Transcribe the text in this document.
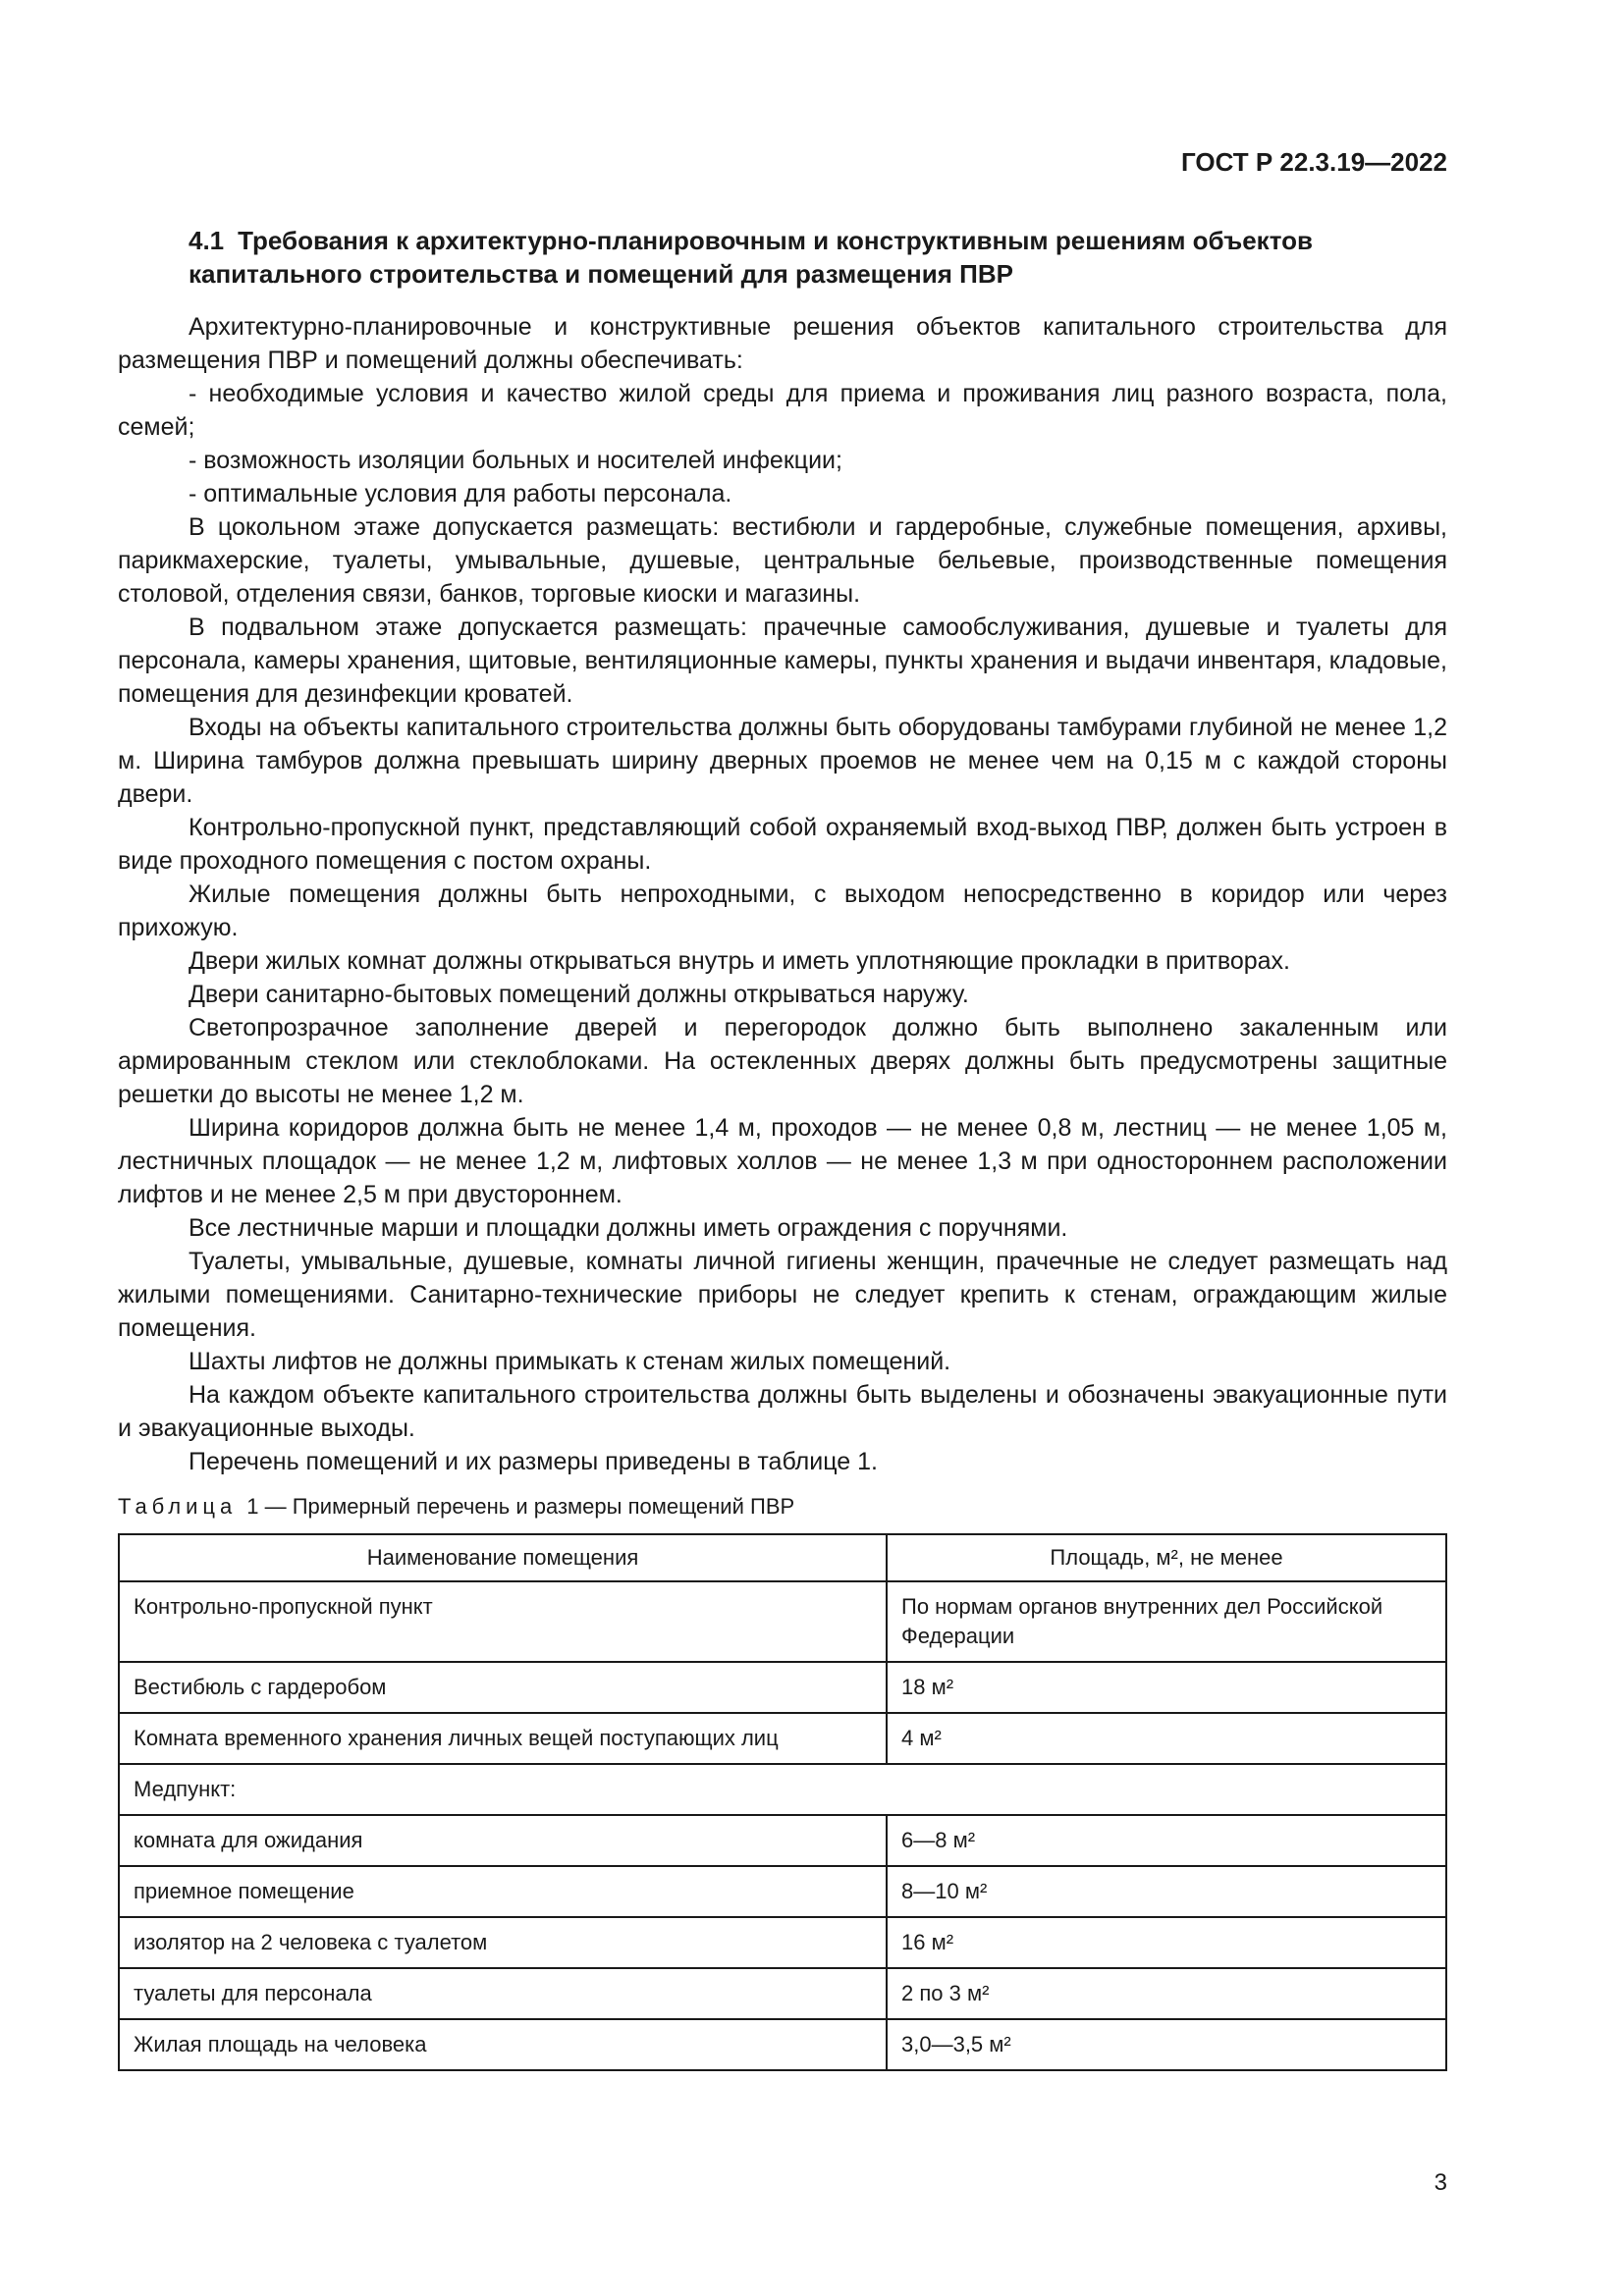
ГОСТ Р 22.3.19—2022
4.1 Требования к архитектурно-планировочным и конструктивным решениям объектов капитального строительства и помещений для размещения ПВР

Архитектурно-планировочные и конструктивные решения объектов капитального строительства для размещения ПВР и помещений должны обеспечивать:

- необходимые условия и качество жилой среды для приема и проживания лиц разного возраста, пола, семей;

- возможность изоляции больных и носителей инфекции;

- оптимальные условия для работы персонала.

В цокольном этаже допускается размещать: вестибюли и гардеробные, служебные помещения, архивы, парикмахерские, туалеты, умывальные, душевые, центральные бельевые, производственные помещения столовой, отделения связи, банков, торговые киоски и магазины.

В подвальном этаже допускается размещать: прачечные самообслуживания, душевые и туалеты для персонала, камеры хранения, щитовые, вентиляционные камеры, пункты хранения и выдачи инвентаря, кладовые, помещения для дезинфекции кроватей.

Входы на объекты капитального строительства должны быть оборудованы тамбурами глубиной не менее 1,2 м. Ширина тамбуров должна превышать ширину дверных проемов не менее чем на 0,15 м с каждой стороны двери.

Контрольно-пропускной пункт, представляющий собой охраняемый вход-выход ПВР, должен быть устроен в виде проходного помещения с постом охраны.

Жилые помещения должны быть непроходными, с выходом непосредственно в коридор или через прихожую.

Двери жилых комнат должны открываться внутрь и иметь уплотняющие прокладки в притворах.

Двери санитарно-бытовых помещений должны открываться наружу.

Светопрозрачное заполнение дверей и перегородок должно быть выполнено закаленным или армированным стеклом или стеклоблоками. На остекленных дверях должны быть предусмотрены защитные решетки до высоты не менее 1,2 м.

Ширина коридоров должна быть не менее 1,4 м, проходов — не менее 0,8 м, лестниц — не менее 1,05 м, лестничных площадок — не менее 1,2 м, лифтовых холлов — не менее 1,3 м при одностороннем расположении лифтов и не менее 2,5 м при двустороннем.

Все лестничные марши и площадки должны иметь ограждения с поручнями.

Туалеты, умывальные, душевые, комнаты личной гигиены женщин, прачечные не следует размещать над жилыми помещениями. Санитарно-технические приборы не следует крепить к стенам, ограждающим жилые помещения.

Шахты лифтов не должны примыкать к стенам жилых помещений.

На каждом объекте капитального строительства должны быть выделены и обозначены эвакуационные пути и эвакуационные выходы.

Перечень помещений и их размеры приведены в таблице 1.

Таблица 1 — Примерный перечень и размеры помещений ПВР
Наименование помещения	Площадь, м², не менее
Контрольно-пропускной пункт	По нормам органов внутренних дел Российской Федерации
Вестибюль с гардеробом	18 м²
Комната временного хранения личных вещей поступающих лиц	4 м²
Медпункт:	
комната для ожидания	6—8 м²
приемное помещение	8—10 м²
изолятор на 2 человека с туалетом	16 м²
туалеты для персонала	2 по 3 м²
Жилая площадь на человека	3,0—3,5 м²
3
